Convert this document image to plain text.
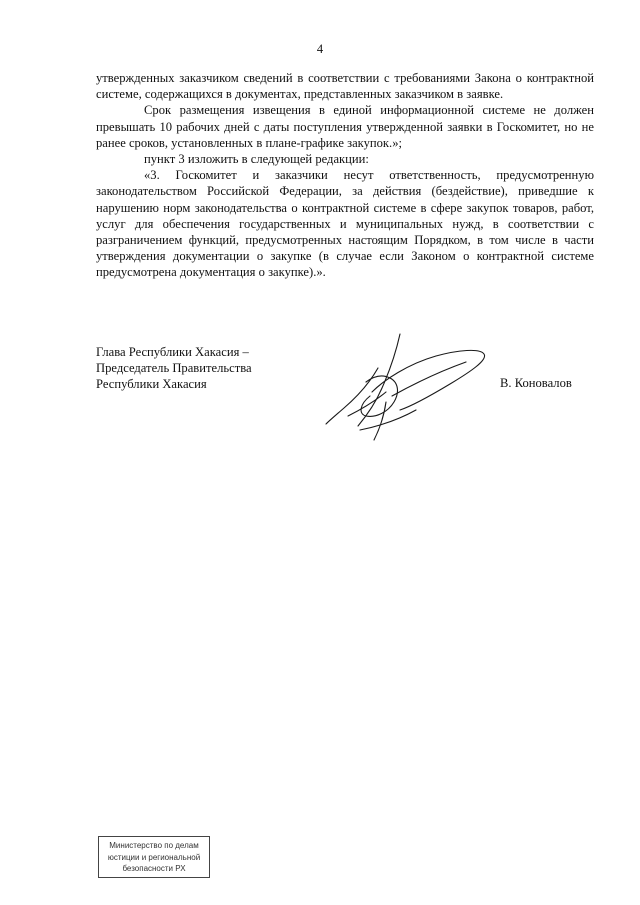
4

утвержденных заказчиком сведений в соответствии с требованиями Закона о контрактной системе, содержащихся в документах, представленных заказчиком в заявке.

Срок размещения извещения в единой информационной системе не должен превышать 10 рабочих дней с даты поступления утвержденной заявки в Госкомитет, но не ранее сроков, установленных в плане-графике закупок.»;

пункт 3 изложить в следующей редакции:

«3. Госкомитет и заказчики несут ответственность, предусмотренную законодательством Российской Федерации, за действия (бездействие), приведшие к нарушению норм законодательства о контрактной системе в сфере закупок товаров, работ, услуг для обеспечения государственных и муниципальных нужд, в соответствии с разграничением функций, предусмотренных настоящим Порядком, в том числе в части утверждения документации о закупке (в случае если Законом о контрактной системе предусмотрена документация о закупке).».

Глава Республики Хакасия –
Председатель Правительства
Республики Хакасия	В. Коновалов
Министерство по делам
юстиции и региональной
безопасности РХ
